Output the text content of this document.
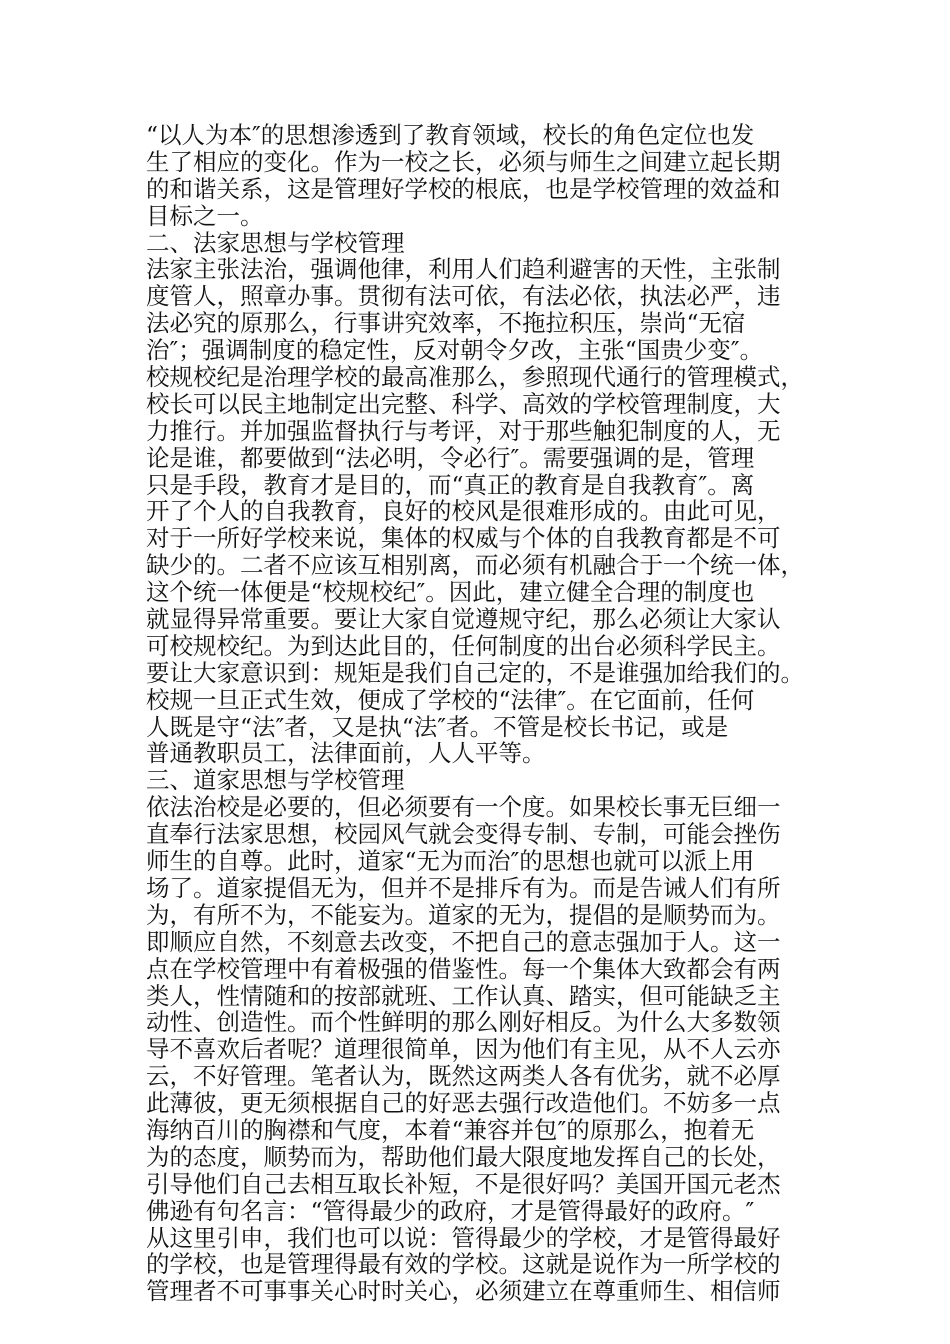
“以人为本″的思想渗透到了教育领域，校长的角色定位也发
生了相应的变化。作为一校之长，必须与师生之间建立起长期
的和谐关系，这是管理好学校的根底，也是学校管理的效益和
目标之一。
二、法家思想与学校管理
法家主张法治，强调他律，利用人们趋利避害的天性，主张制
度管人，照章办事。贯彻有法可依，有法必依，执法必严，违
法必究的原那么，行事讲究效率，不拖拉积压，崇尚“无宿
治″；强调制度的稳定性，反对朝令夕改，主张“国贵少变″。
校规校纪是治理学校的最高准那么，参照现代通行的管理模式，
校长可以民主地制定出完整、科学、高效的学校管理制度，大
力推行。并加强监督执行与考评，对于那些触犯制度的人，无
论是谁，都要做到“法必明，令必行″。需要强调的是，管理
只是手段，教育才是目的，而“真正的教育是自我教育″。离
开了个人的自我教育，良好的校风是很难形成的。由此可见，
对于一所好学校来说，集体的权威与个体的自我教育都是不可
缺少的。二者不应该互相别离，而必须有机融合于一个统一体，
这个统一体便是“校规校纪″。因此，建立健全合理的制度也
就显得异常重要。要让大家自觉遵规守纪，那么必须让大家认
可校规校纪。为到达此目的，任何制度的出台必须科学民主。
要让大家意识到：规矩是我们自己定的，不是谁强加给我们的。
校规一旦正式生效，便成了学校的“法律″。在它面前，任何
人既是守“法″者，又是执“法″者。不管是校长书记，或是
普通教职员工，法律面前，人人平等。
三、道家思想与学校管理
依法治校是必要的，但必须要有一个度。如果校长事无巨细一
直奉行法家思想，校园风气就会变得专制、专制，可能会挫伤
师生的自尊。此时，道家“无为而治″的思想也就可以派上用
场了。道家提倡无为，但并不是排斥有为。而是告诫人们有所
为，有所不为，不能妄为。道家的无为，提倡的是顺势而为。
即顺应自然，不刻意去改变，不把自己的意志强加于人。这一
点在学校管理中有着极强的借鉴性。每一个集体大致都会有两
类人，性情随和的按部就班、工作认真、踏实，但可能缺乏主
动性、创造性。而个性鲜明的那么刚好相反。为什么大多数领
导不喜欢后者呢？道理很简单，因为他们有主见，从不人云亦
云，不好管理。笔者认为，既然这两类人各有优劣，就不必厚
此薄彼，更无须根据自己的好恶去强行改造他们。不妨多一点
海纳百川的胸襟和气度，本着“兼容并包″的原那么，抱着无
为的态度，顺势而为，帮助他们最大限度地发挥自己的长处，
引导他们自己去相互取长补短，不是很好吗？美国开国元老杰
佛逊有句名言：“管得最少的政府，才是管得最好的政府。″
从这里引申，我们也可以说：管得最少的学校，才是管得最好
的学校，也是管理得最有效的学校。这就是说作为一所学校的
管理者不可事事关心时时关心，必须建立在尊重师生、相信师
